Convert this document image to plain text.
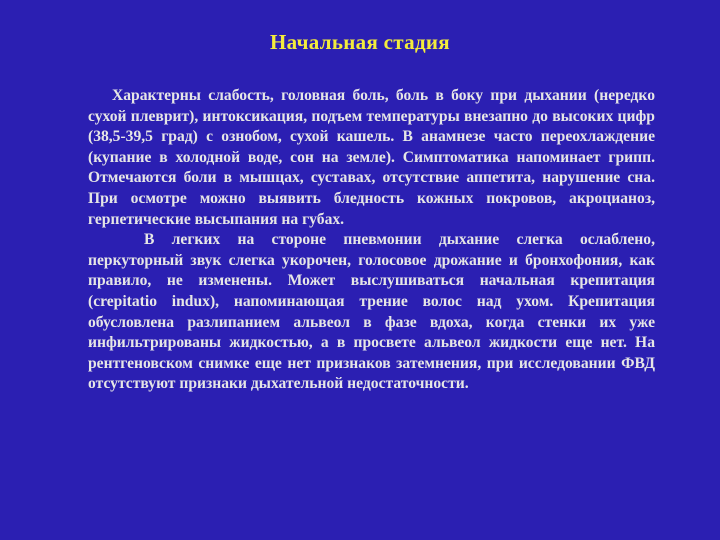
Начальная стадия

Характерны слабость, головная боль, боль в боку при дыхании (нередко сухой плеврит), интоксикация, подъем температуры внезапно до высоких цифр (38,5-39,5 град) с ознобом, сухой кашель. В анамнезе часто переохлаждение (купание в холодной воде, сон на земле). Симптоматика напоминает грипп. Отмечаются боли в мышцах, суставах, отсутствие аппетита, нарушение сна. При осмотре можно выявить бледность кожных покровов, акроцианоз, герпетические высыпания на губах.

В легких на стороне пневмонии дыхание слегка ослаблено, перкуторный звук слегка укорочен, голосовое дрожание и бронхофония, как правило, не изменены. Может выслушиваться начальная крепитация (crepitatio indux), напоминающая трение волос над ухом. Крепитация обусловлена разлипанием альвеол в фазе вдоха, когда стенки их уже инфильтрированы жидкостью, а в просвете альвеол жидкости еще нет. На рентгеновском снимке еще нет признаков затемнения, при исследовании ФВД отсутствуют признаки дыхательной недостаточности.
